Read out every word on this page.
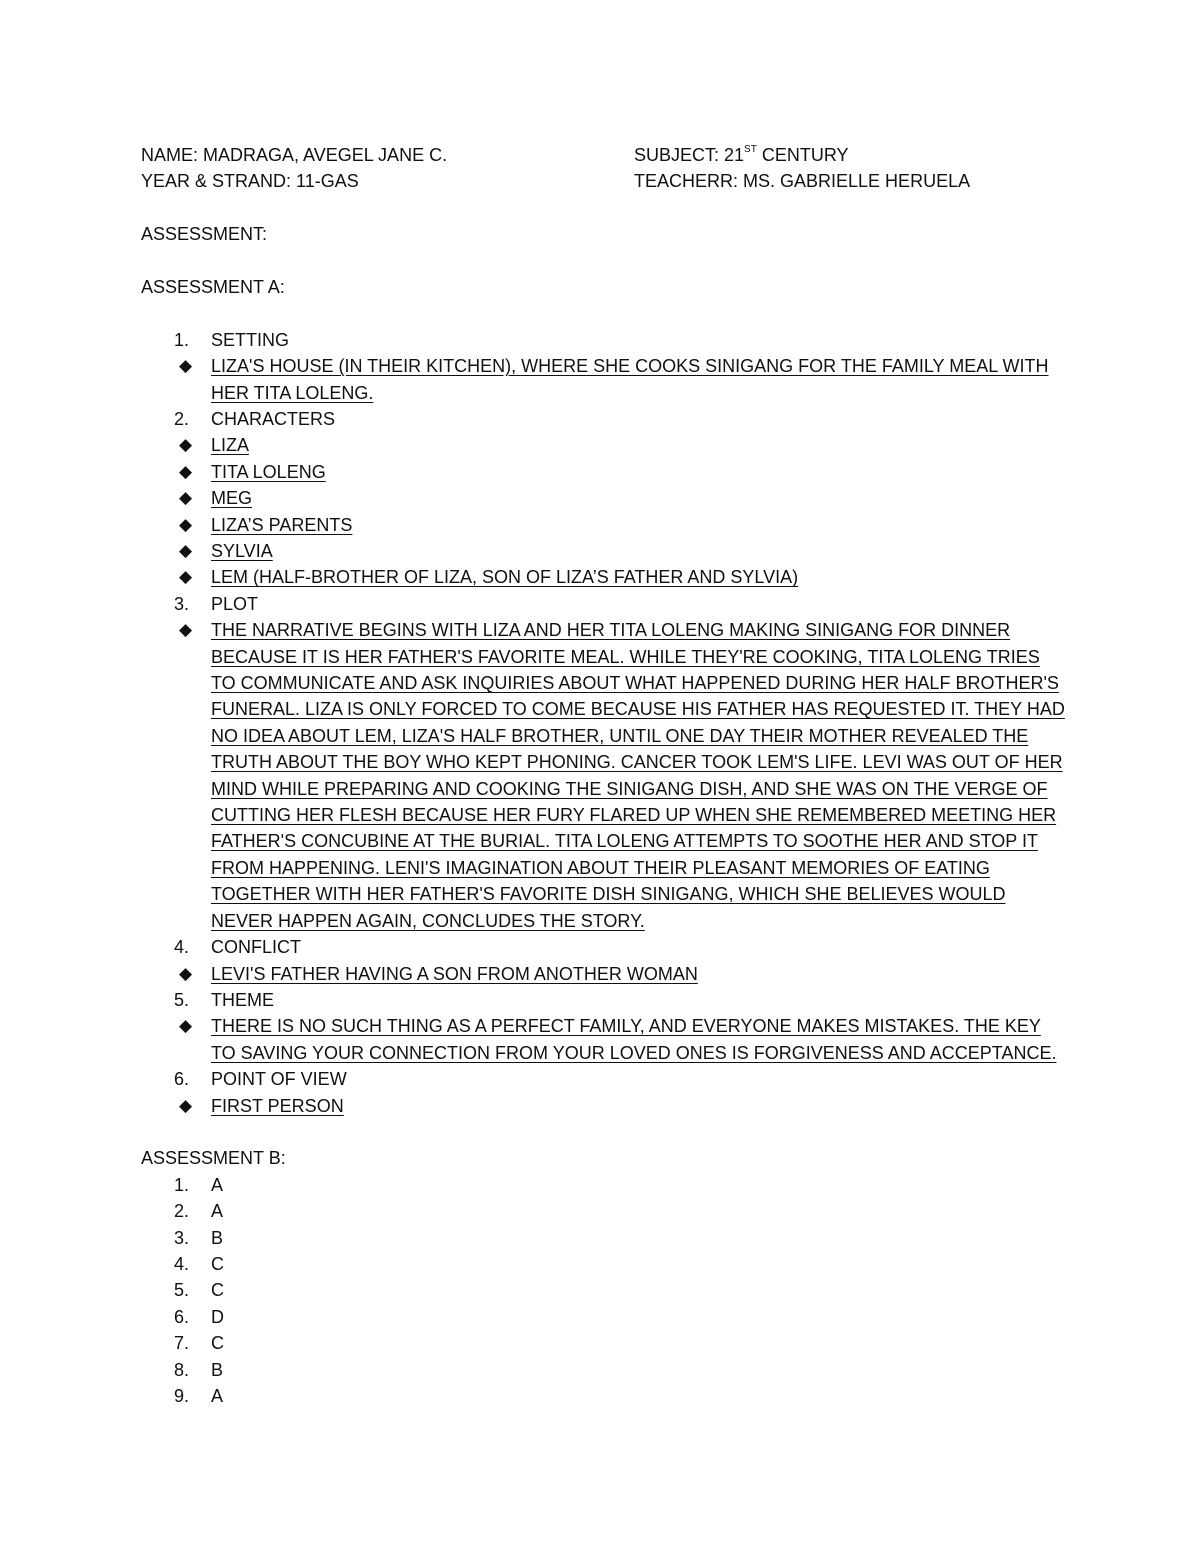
NAME: MADRAGA, AVEGEL JANE C.	SUBJECT: 21ST CENTURY
YEAR & STRAND: 11-GAS	TEACHERR: MS. GABRIELLE HERUELA
ASSESSMENT:
ASSESSMENT A:
1.	SETTING
◆	LIZA'S HOUSE (IN THEIR KITCHEN), WHERE SHE COOKS SINIGANG FOR THE FAMILY MEAL WITH HER TITA LOLENG.
2.	CHARACTERS
◆	LIZA
◆	TITA LOLENG
◆	MEG
◆	LIZA’S PARENTS
◆	SYLVIA
◆	LEM (HALF-BROTHER OF LIZA, SON OF LIZA’S FATHER AND SYLVIA)
3.	PLOT
◆	THE NARRATIVE BEGINS WITH LIZA AND HER TITA LOLENG MAKING SINIGANG FOR DINNER BECAUSE IT IS HER FATHER'S FAVORITE MEAL. WHILE THEY'RE COOKING, TITA LOLENG TRIES TO COMMUNICATE AND ASK INQUIRIES ABOUT WHAT HAPPENED DURING HER HALF BROTHER'S FUNERAL. LIZA IS ONLY FORCED TO COME BECAUSE HIS FATHER HAS REQUESTED IT. THEY HAD NO IDEA ABOUT LEM, LIZA'S HALF BROTHER, UNTIL ONE DAY THEIR MOTHER REVEALED THE TRUTH ABOUT THE BOY WHO KEPT PHONING. CANCER TOOK LEM'S LIFE. LEVI WAS OUT OF HER MIND WHILE PREPARING AND COOKING THE SINIGANG DISH, AND SHE WAS ON THE VERGE OF CUTTING HER FLESH BECAUSE HER FURY FLARED UP WHEN SHE REMEMBERED MEETING HER FATHER'S CONCUBINE AT THE BURIAL. TITA LOLENG ATTEMPTS TO SOOTHE HER AND STOP IT FROM HAPPENING. LENI'S IMAGINATION ABOUT THEIR PLEASANT MEMORIES OF EATING TOGETHER WITH HER FATHER'S FAVORITE DISH SINIGANG, WHICH SHE BELIEVES WOULD NEVER HAPPEN AGAIN, CONCLUDES THE STORY.
4.	CONFLICT
◆	LEVI'S FATHER HAVING A SON FROM ANOTHER WOMAN
5.	THEME
◆	THERE IS NO SUCH THING AS A PERFECT FAMILY, AND EVERYONE MAKES MISTAKES. THE KEY TO SAVING YOUR CONNECTION FROM YOUR LOVED ONES IS FORGIVENESS AND ACCEPTANCE.
6.	POINT OF VIEW
◆	FIRST PERSON
ASSESSMENT B:
1.	A
2.	A
3.	B
4.	C
5.	C
6.	D
7.	C
8.	B
9.	A
